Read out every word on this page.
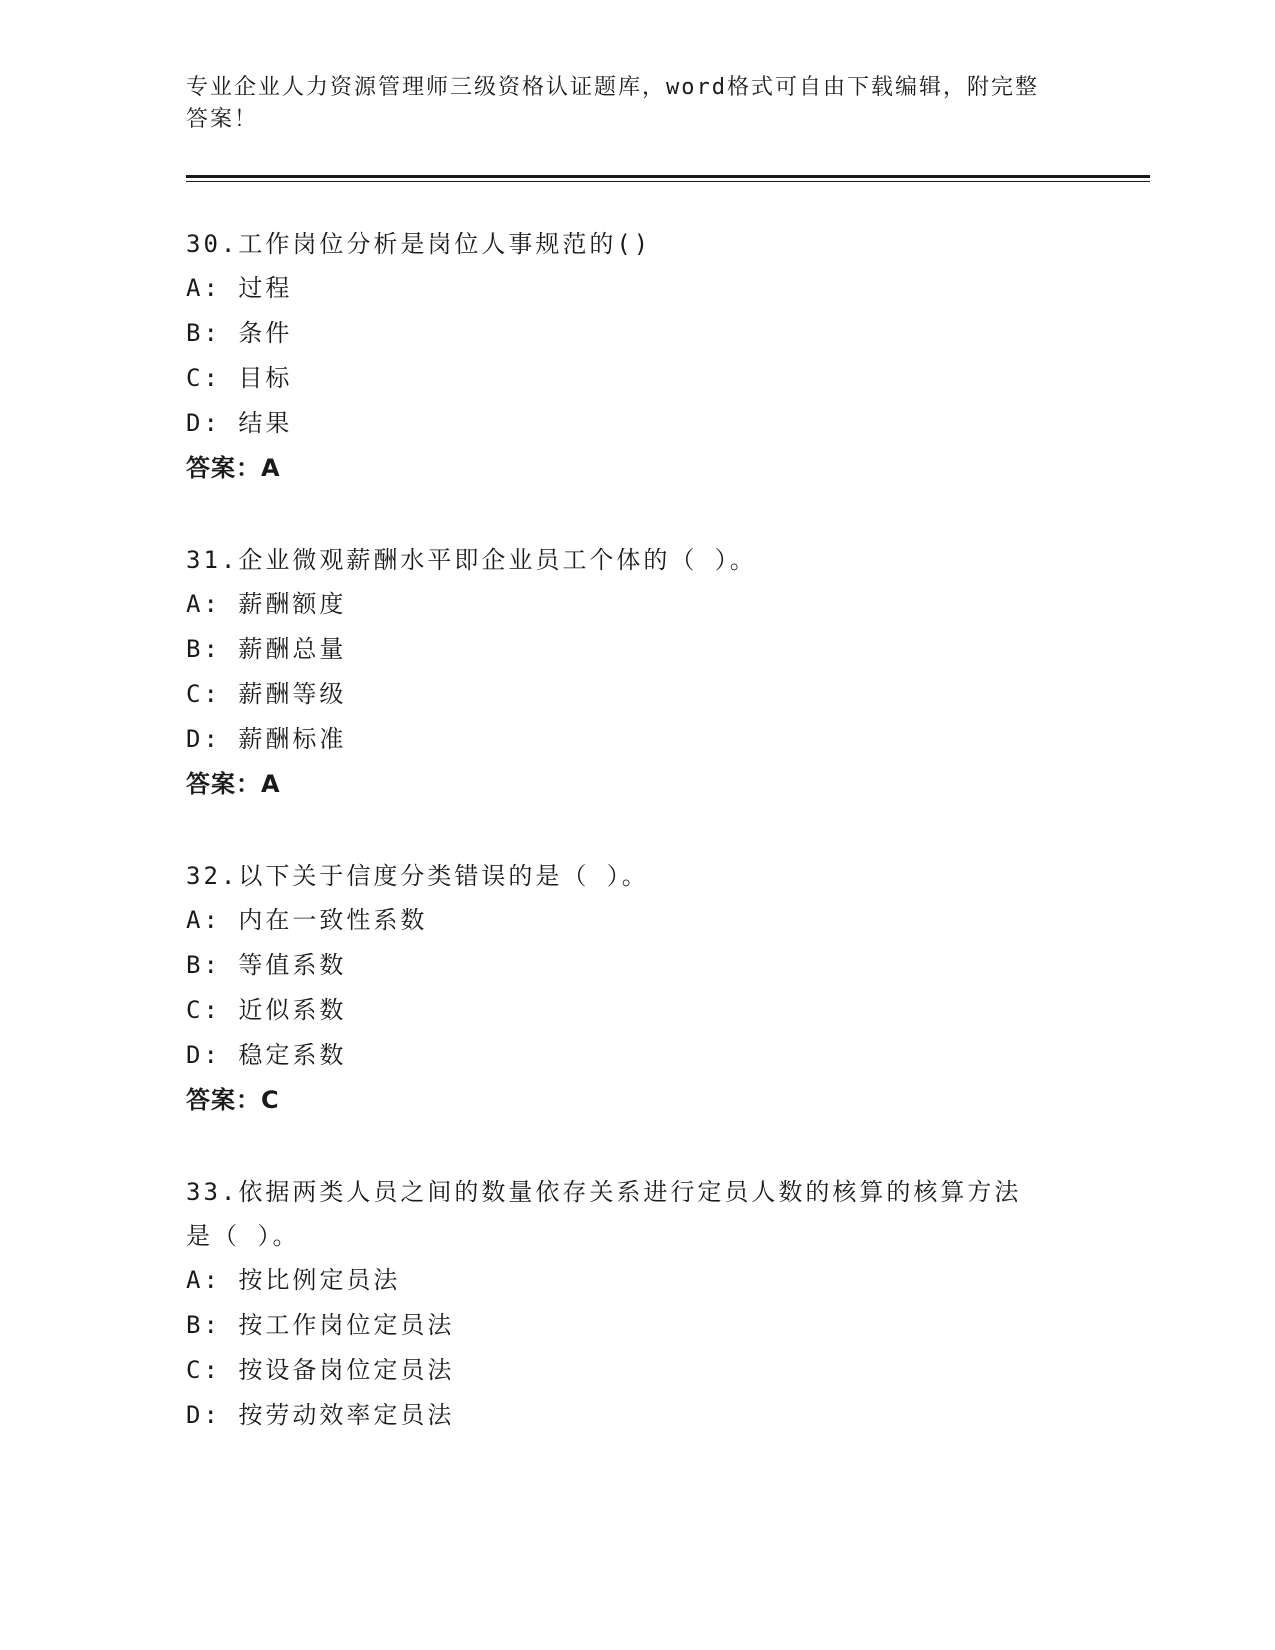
专业企业人力资源管理师三级资格认证题库，word格式可自由下载编辑，附完整
答案！

30.工作岗位分析是岗位人事规范的()

A: 过程

B: 条件

C: 目标

D: 结果

答案：A

31.企业微观薪酬水平即企业员工个体的（ ）。

A: 薪酬额度

B: 薪酬总量

C: 薪酬等级

D: 薪酬标准

答案：A

32.以下关于信度分类错误的是（ ）。

A: 内在一致性系数

B: 等值系数

C: 近似系数

D: 稳定系数

答案：C

33.依据两类人员之间的数量依存关系进行定员人数的核算的核算方法

是（ ）。

A: 按比例定员法

B: 按工作岗位定员法

C: 按设备岗位定员法

D: 按劳动效率定员法
